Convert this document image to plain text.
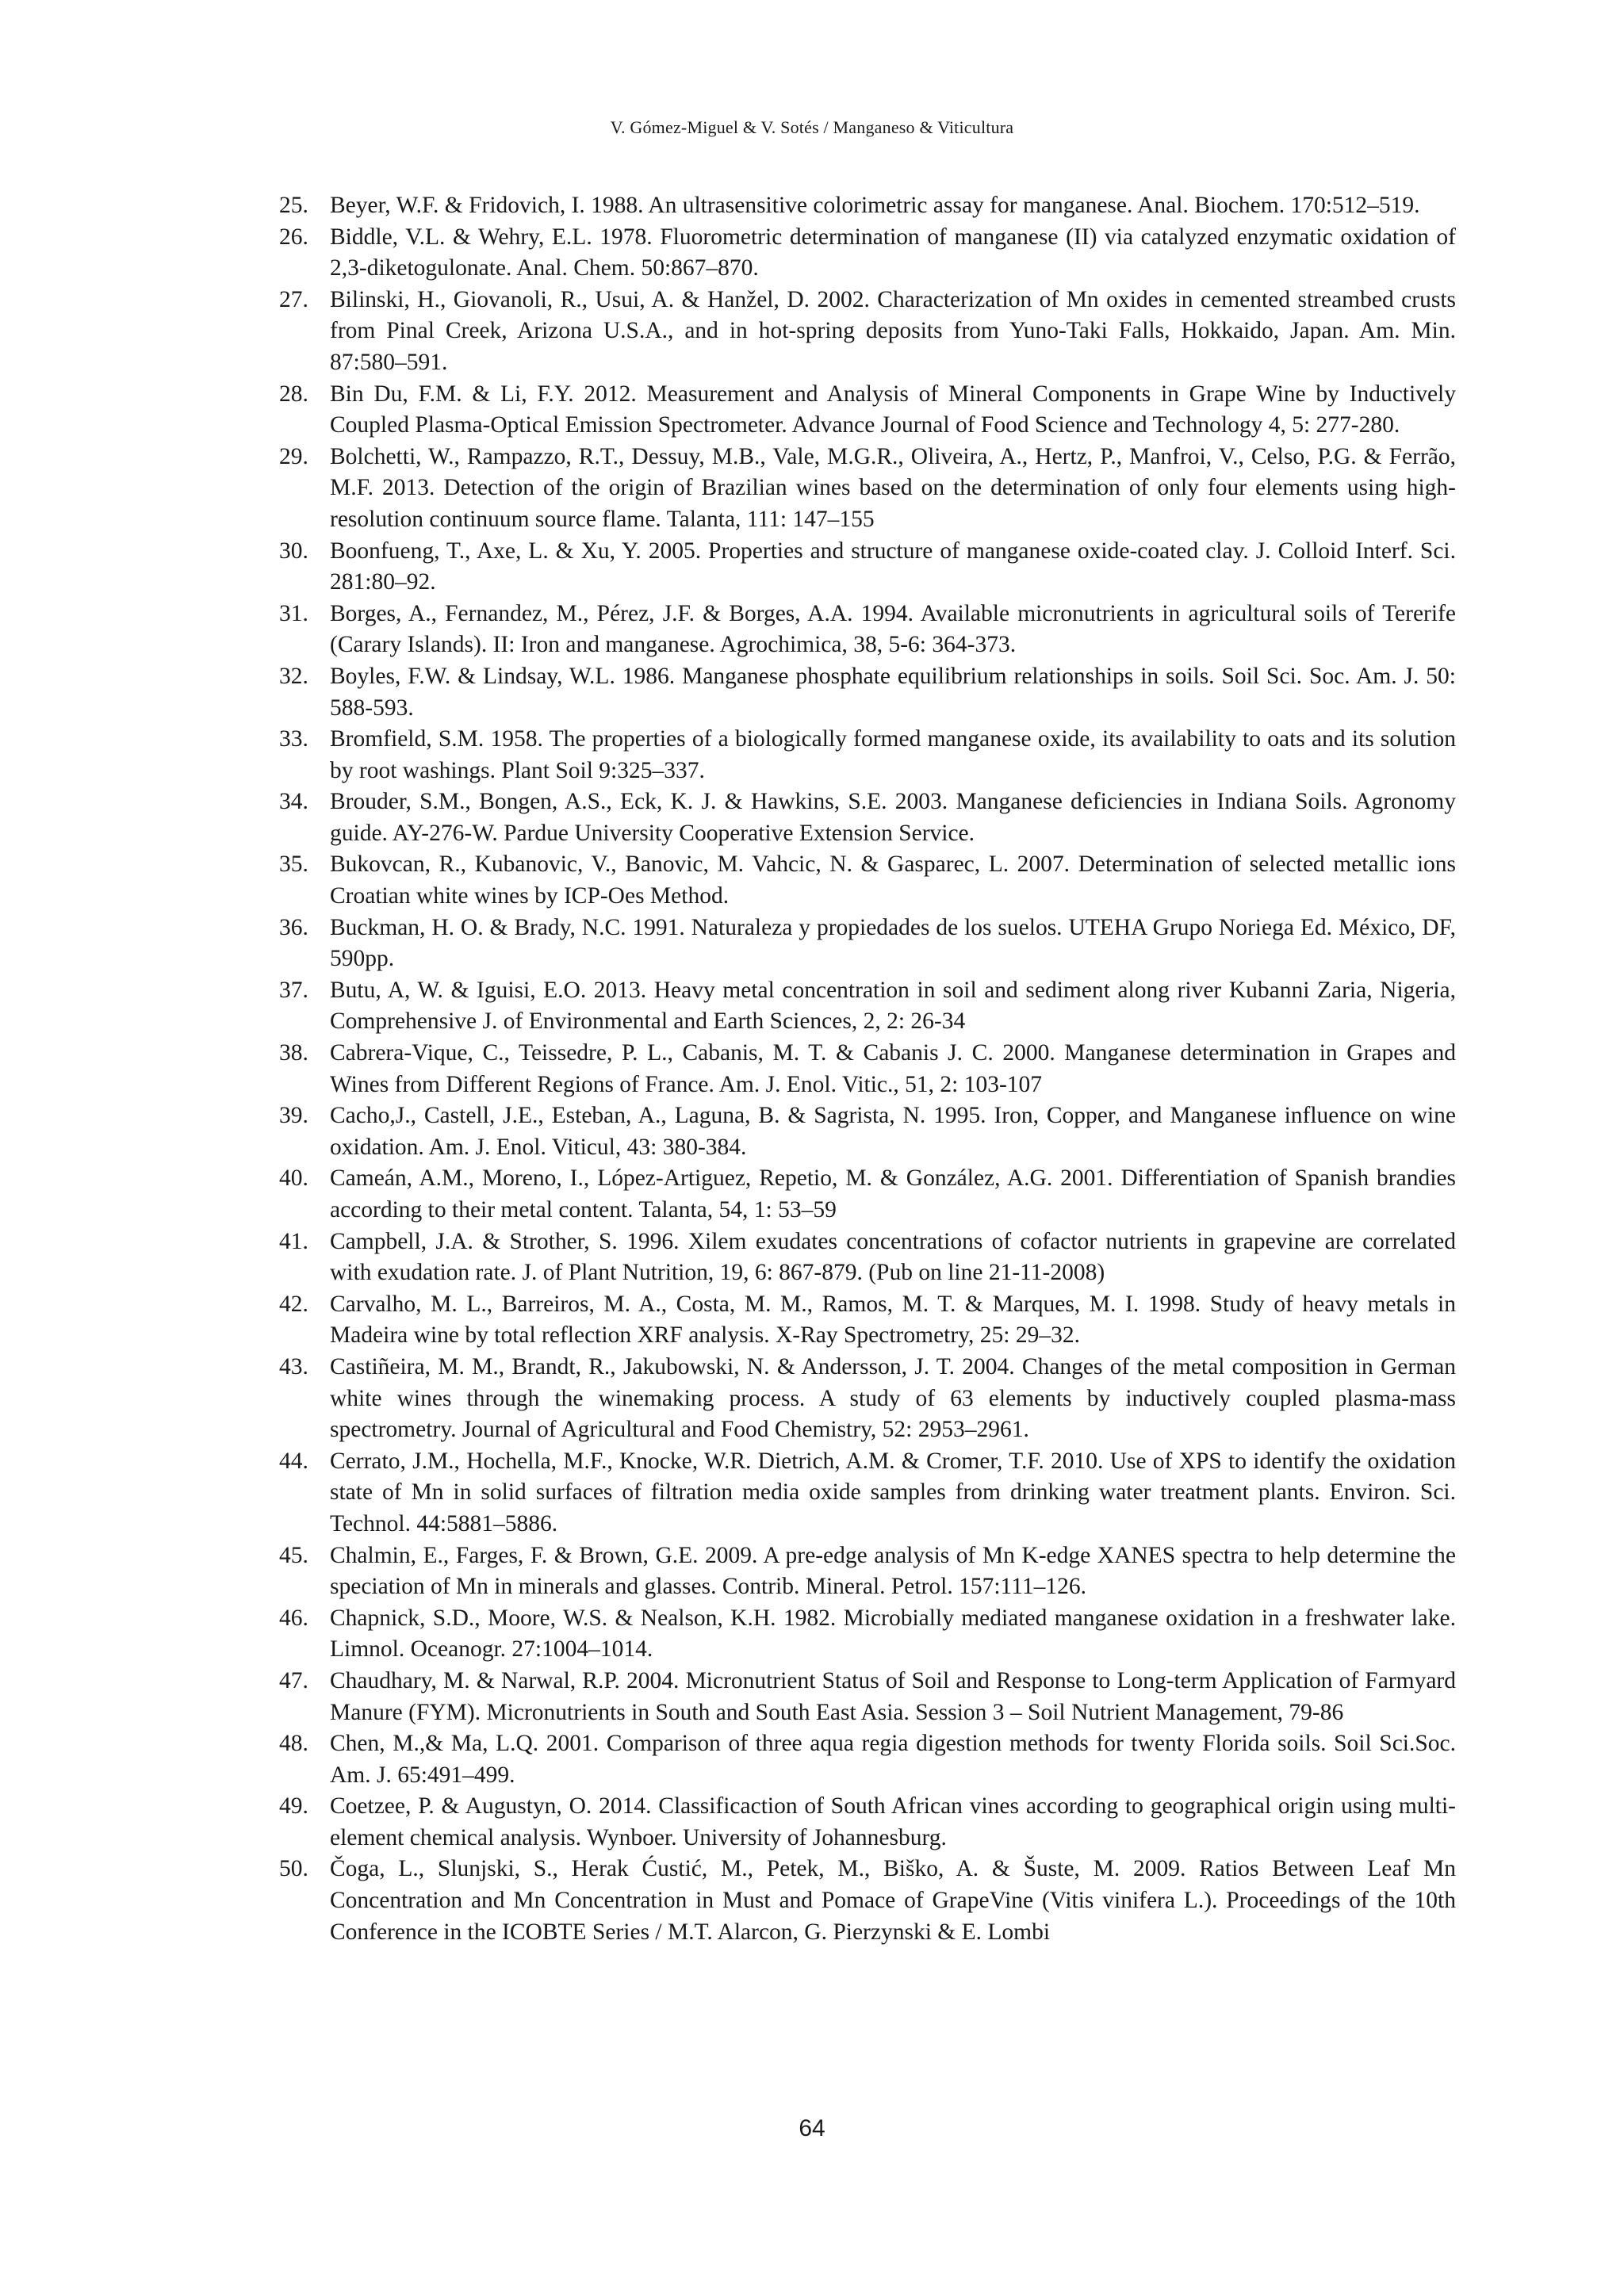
V. Gómez-Miguel & V. Sotés / Manganeso & Viticultura
25. Beyer, W.F. & Fridovich, I. 1988. An ultrasensitive colorimetric assay for manganese. Anal. Biochem. 170:512–519.
26. Biddle, V.L. & Wehry, E.L. 1978. Fluorometric determination of manganese (II) via catalyzed enzymatic oxidation of 2,3-diketogulonate. Anal. Chem. 50:867–870.
27. Bilinski, H., Giovanoli, R., Usui, A. & Hanžel, D. 2002. Characterization of Mn oxides in cemented streambed crusts from Pinal Creek, Arizona U.S.A., and in hot-spring deposits from Yuno-Taki Falls, Hokkaido, Japan. Am. Min. 87:580–591.
28. Bin Du, F.M. & Li, F.Y. 2012. Measurement and Analysis of Mineral Components in Grape Wine by Inductively Coupled Plasma-Optical Emission Spectrometer. Advance Journal of Food Science and Technology 4, 5: 277-280.
29. Bolchetti, W., Rampazzo, R.T., Dessuy, M.B., Vale, M.G.R., Oliveira, A., Hertz, P., Manfroi, V., Celso, P.G. & Ferrão, M.F. 2013. Detection of the origin of Brazilian wines based on the determination of only four elements using high-resolution continuum source flame. Talanta, 111: 147–155
30. Boonfueng, T., Axe, L. & Xu, Y. 2005. Properties and structure of manganese oxide-coated clay. J. Colloid Interf. Sci. 281:80–92.
31. Borges, A., Fernandez, M., Pérez, J.F. & Borges, A.A. 1994. Available micronutrients in agricultural soils of Tererife (Carary Islands). II: Iron and manganese. Agrochimica, 38, 5-6: 364-373.
32. Boyles, F.W. & Lindsay, W.L. 1986. Manganese phosphate equilibrium relationships in soils. Soil Sci. Soc. Am. J. 50: 588-593.
33. Bromfield, S.M. 1958. The properties of a biologically formed manganese oxide, its availability to oats and its solution by root washings. Plant Soil 9:325–337.
34. Brouder, S.M., Bongen, A.S., Eck, K. J. & Hawkins, S.E. 2003. Manganese deficiencies in Indiana Soils. Agronomy guide. AY-276-W. Pardue University Cooperative Extension Service.
35. Bukovcan, R., Kubanovic, V., Banovic, M. Vahcic, N. & Gasparec, L. 2007. Determination of selected metallic ions Croatian white wines by ICP-Oes Method.
36. Buckman, H. O. & Brady, N.C. 1991. Naturaleza y propiedades de los suelos. UTEHA Grupo Noriega Ed. México, DF, 590pp.
37. Butu, A, W. & Iguisi, E.O. 2013. Heavy metal concentration in soil and sediment along river Kubanni Zaria, Nigeria, Comprehensive J. of Environmental and Earth Sciences, 2, 2: 26-34
38. Cabrera-Vique, C., Teissedre, P. L., Cabanis, M. T. & Cabanis J. C. 2000. Manganese determination in Grapes and Wines from Different Regions of France. Am. J. Enol. Vitic., 51, 2: 103-107
39. Cacho,J., Castell, J.E., Esteban, A., Laguna, B. & Sagrista, N. 1995. Iron, Copper, and Manganese influence on wine oxidation. Am. J. Enol. Viticul, 43: 380-384.
40. Cameán, A.M., Moreno, I., López-Artiguez, Repetio, M. & González, A.G. 2001. Differentiation of Spanish brandies according to their metal content. Talanta, 54, 1: 53–59
41. Campbell, J.A. & Strother, S. 1996. Xilem exudates concentrations of cofactor nutrients in grapevine are correlated with exudation rate. J. of Plant Nutrition, 19, 6: 867-879. (Pub on line 21-11-2008)
42. Carvalho, M. L., Barreiros, M. A., Costa, M. M., Ramos, M. T. & Marques, M. I. 1998. Study of heavy metals in Madeira wine by total reflection XRF analysis. X-Ray Spectrometry, 25: 29–32.
43. Castiñeira, M. M., Brandt, R., Jakubowski, N. & Andersson, J. T. 2004. Changes of the metal composition in German white wines through the winemaking process. A study of 63 elements by inductively coupled plasma-mass spectrometry. Journal of Agricultural and Food Chemistry, 52: 2953–2961.
44. Cerrato, J.M., Hochella, M.F., Knocke, W.R. Dietrich, A.M. & Cromer, T.F. 2010. Use of XPS to identify the oxidation state of Mn in solid surfaces of filtration media oxide samples from drinking water treatment plants. Environ. Sci. Technol. 44:5881–5886.
45. Chalmin, E., Farges, F. & Brown, G.E. 2009. A pre-edge analysis of Mn K-edge XANES spectra to help determine the speciation of Mn in minerals and glasses. Contrib. Mineral. Petrol. 157:111–126.
46. Chapnick, S.D., Moore, W.S. & Nealson, K.H. 1982. Microbially mediated manganese oxidation in a freshwater lake. Limnol. Oceanogr. 27:1004–1014.
47. Chaudhary, M. & Narwal, R.P. 2004. Micronutrient Status of Soil and Response to Long-term Application of Farmyard Manure (FYM). Micronutrients in South and South East Asia. Session 3 – Soil Nutrient Management, 79-86
48. Chen, M.,& Ma, L.Q. 2001. Comparison of three aqua regia digestion methods for twenty Florida soils. Soil Sci.Soc. Am. J. 65:491–499.
49. Coetzee, P. & Augustyn, O. 2014. Classificaction of South African vines according to geographical origin using multi-element chemical analysis. Wynboer. University of Johannesburg.
50. Čoga, L., Slunjski, S., Herak Ćustić, M., Petek, M., Biško, A. & Šuste, M. 2009. Ratios Between Leaf Mn Concentration and Mn Concentration in Must and Pomace of GrapeVine (Vitis vinifera L.). Proceedings of the 10th Conference in the ICOBTE Series / M.T. Alarcon, G. Pierzynski & E. Lombi
64
